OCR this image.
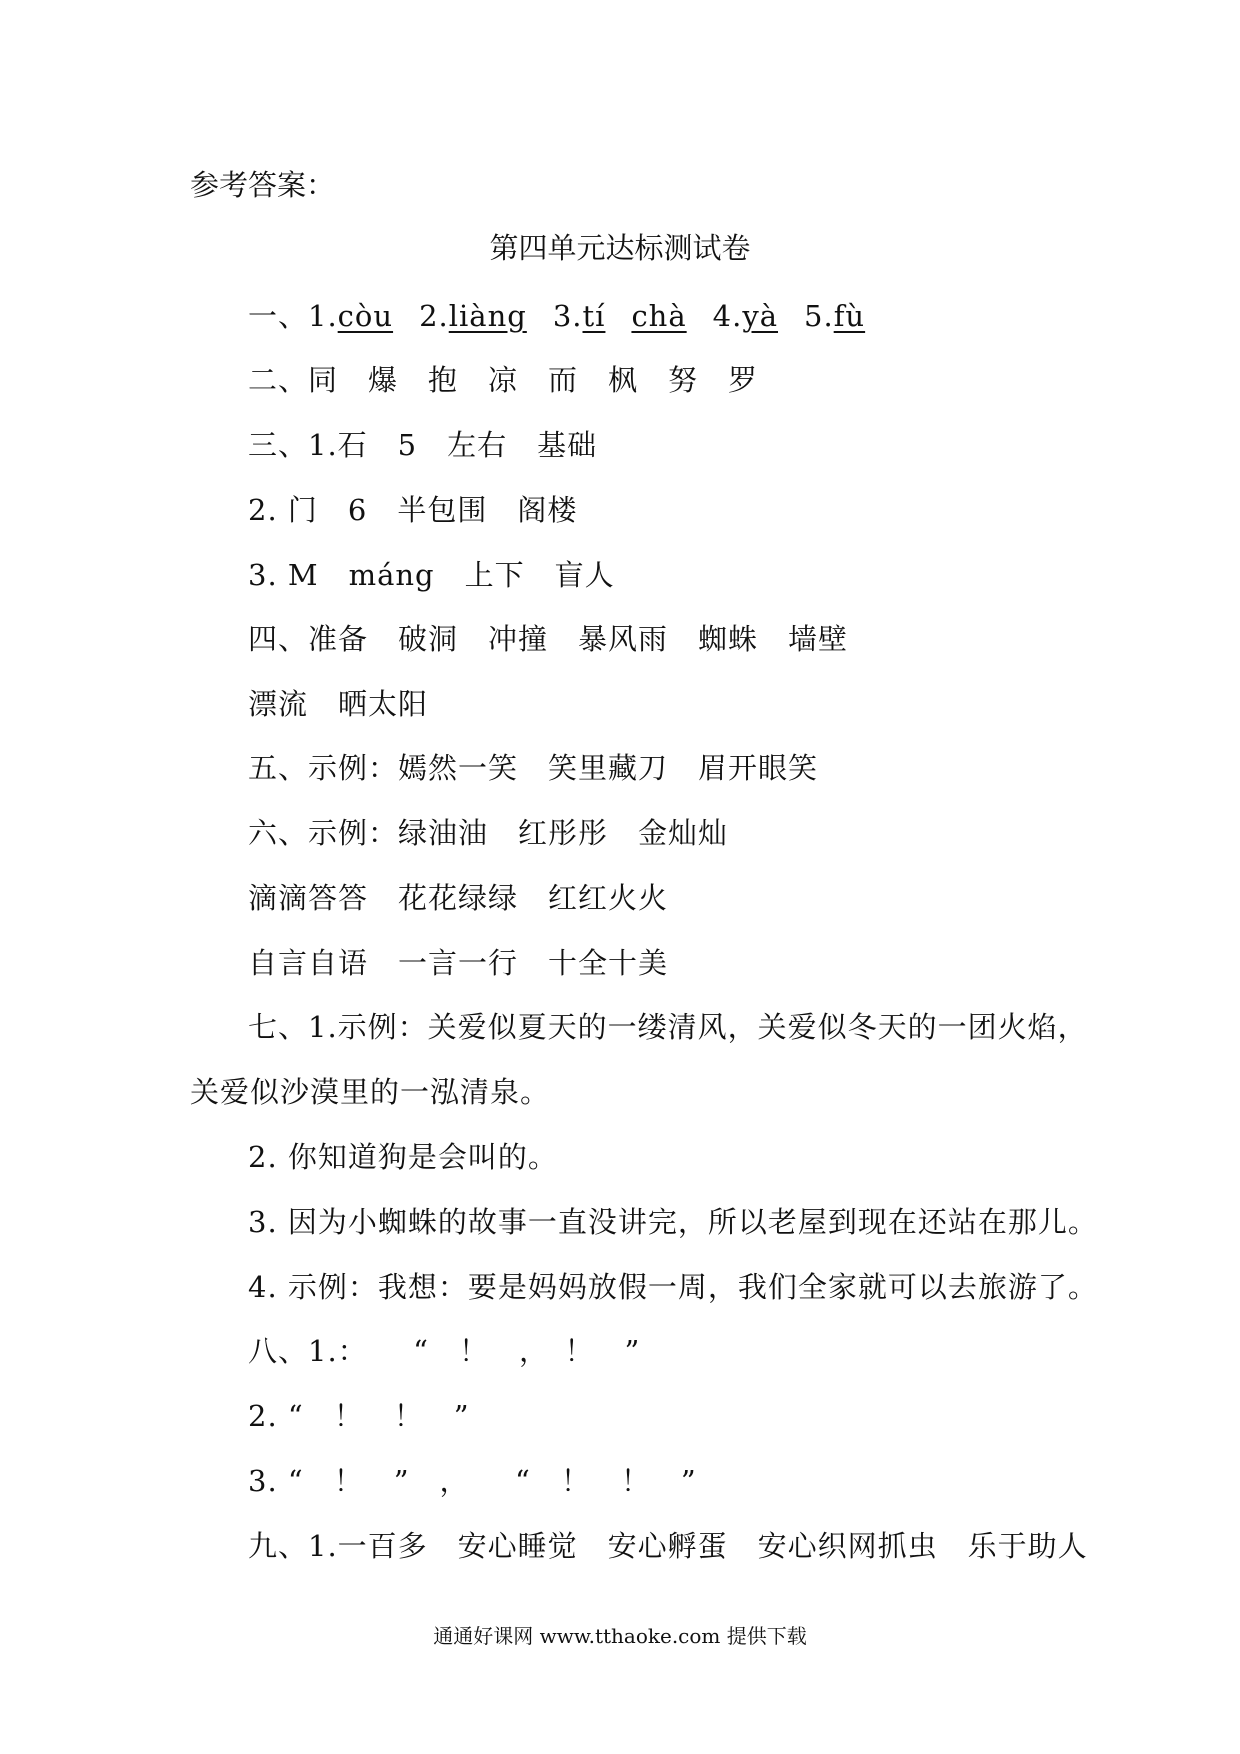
参考答案：
第四单元达标测试卷
一、1.còu 2.liàng 3.tí chà 4.yà 5.fù
二、同　爆　抱　凉　而　枫　努　罗
三、1.石　5　左右　基础
2. 门　6　半包围　阁楼
3. M　máng　上下　盲人
四、准备　破洞　冲撞　暴风雨　蜘蛛　墙壁
漂流　晒太阳
五、示例：嫣然一笑　笑里藏刀　眉开眼笑
六、示例：绿油油　红彤彤　金灿灿
滴滴答答　花花绿绿　红红火火
自言自语　一言一行　十全十美
七、1.示例：关爱似夏天的一缕清风，关爱似冬天的一团火焰，
关爱似沙漠里的一泓清泉。
2. 你知道狗是会叫的。
3. 因为小蜘蛛的故事一直没讲完，所以老屋到现在还站在那儿。
4. 示例：我想：要是妈妈放假一周，我们全家就可以去旅游了。
八、1.：　　“　！　，　！　”
2. “　！　！　”
3. “　！　”　，　　“　！　！　”
九、1.一百多　安心睡觉　安心孵蛋　安心织网抓虫　乐于助人
通通好课网 www.tthaoke.com 提供下载
